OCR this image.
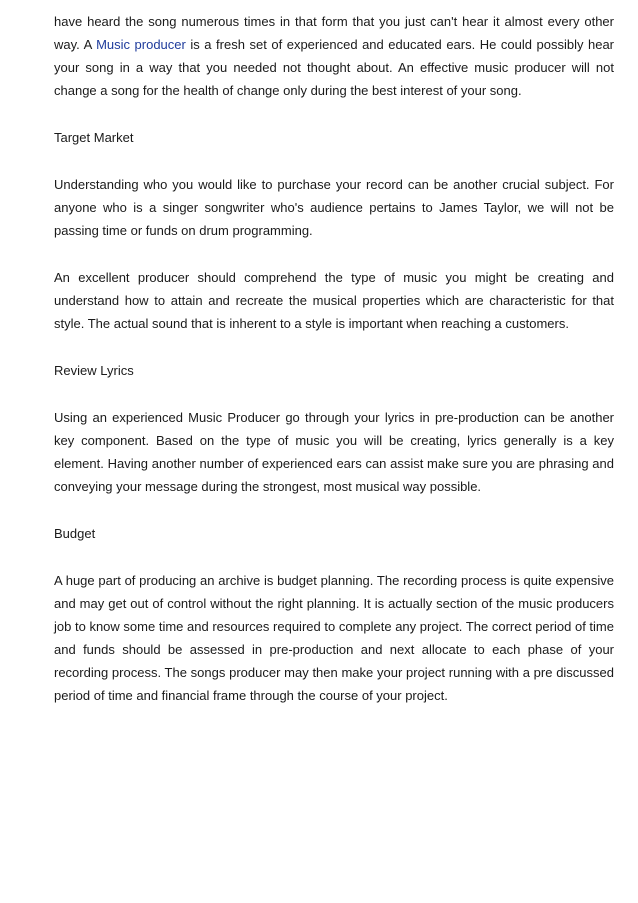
have heard the song numerous times in that form that you just can't hear it almost every other way. A Music producer is a fresh set of experienced and educated ears. He could possibly hear your song in a way that you needed not thought about. An effective music producer will not change a song for the health of change only during the best interest of your song.

Target Market

Understanding who you would like to purchase your record can be another crucial subject. For anyone who is a singer songwriter who's audience pertains to James Taylor, we will not be passing time or funds on drum programming.

An excellent producer should comprehend the type of music you might be creating and understand how to attain and recreate the musical properties which are characteristic for that style. The actual sound that is inherent to a style is important when reaching a customers.

Review Lyrics

Using an experienced Music Producer go through your lyrics in pre-production can be another key component. Based on the type of music you will be creating, lyrics generally is a key element. Having another number of experienced ears can assist make sure you are phrasing and conveying your message during the strongest, most musical way possible.

Budget

A huge part of producing an archive is budget planning. The recording process is quite expensive and may get out of control without the right planning. It is actually section of the music producers job to know some time and resources required to complete any project. The correct period of time and funds should be assessed in pre-production and next allocate to each phase of your recording process. The songs producer may then make your project running with a pre discussed period of time and financial frame through the course of your project.
